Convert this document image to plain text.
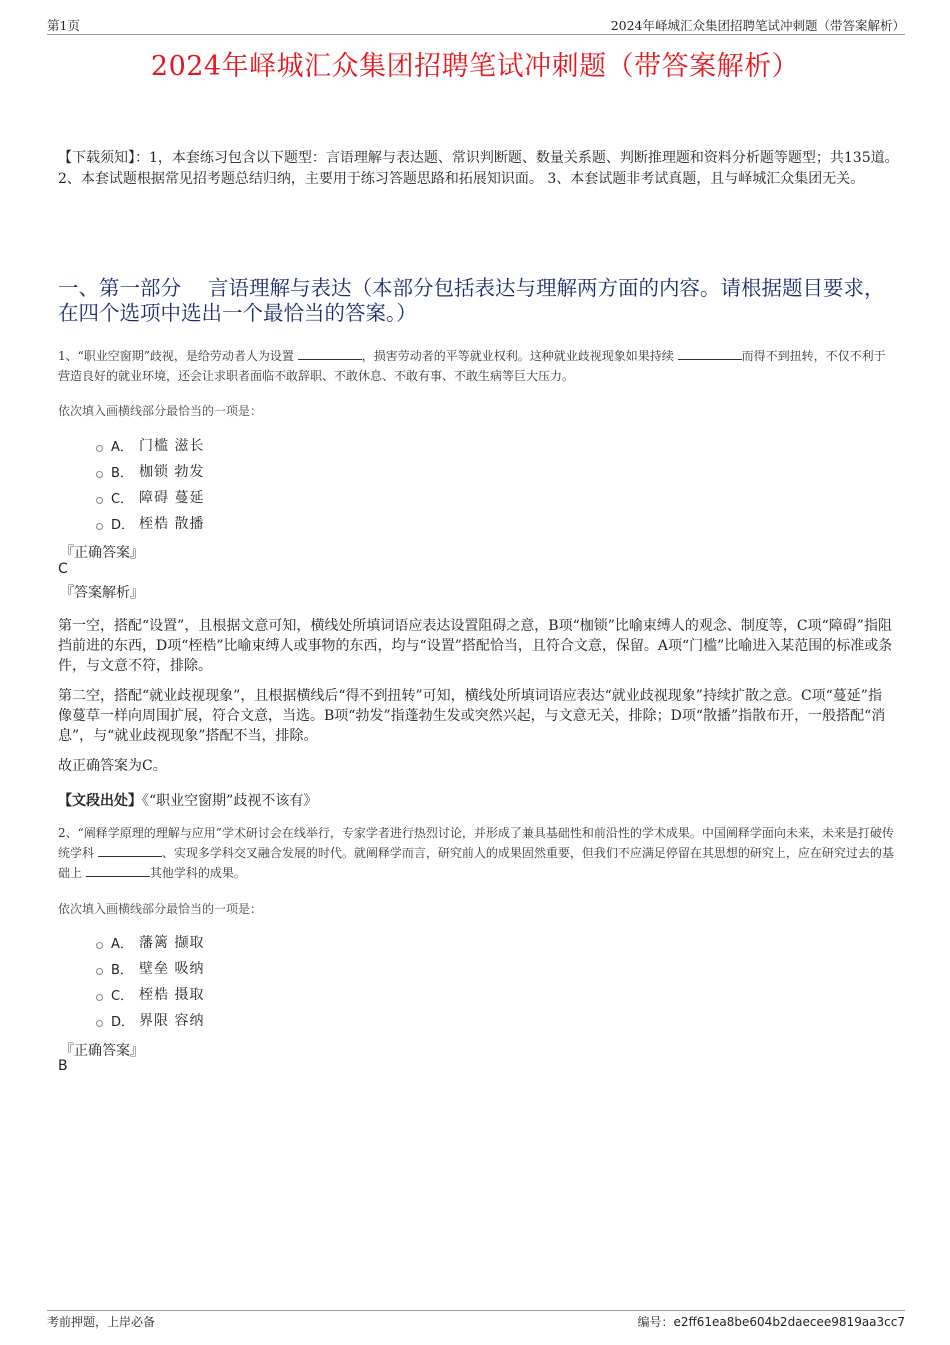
第1页	2024年峄城汇众集团招聘笔试冲刺题（带答案解析）
2024年峄城汇众集团招聘笔试冲刺题（带答案解析）
【下载须知】：1，本套练习包含以下题型：言语理解与表达题、常识判断题、数量关系题、判断推理题和资料分析题等题型；共135道。 2、本套试题根据常见招考题总结归纳，主要用于练习答题思路和拓展知识面。 3、本套试题非考试真题，且与峄城汇众集团无关。
一、第一部分　 言语理解与表达（本部分包括表达与理解两方面的内容。请根据题目要求，在四个选项中选出一个最恰当的答案。）
1、“职业空窗期”歧视，是给劳动者人为设置	，损害劳动者的平等就业权利。这种就业歧视现象如果持续	而得不到扭转，不仅不利于营造良好的就业环境，还会让求职者面临不敢辞职、不敢休息、不敢有事、不敢生病等巨大压力。
依次填入画横线部分最恰当的一项是：
A． 门槛 滋长
B． 枷锁 勃发
C． 障碍 蔓延
D． 桎梏 散播
『正确答案』
C
『答案解析』
第一空，搭配“设置”，且根据文意可知，横线处所填词语应表达设置阻碍之意，B项“枷锁”比喻束缚人的观念、制度等，C项“障碍”指阻挡前进的东西，D项“桎梏”比喻束缚人或事物的东西，均与“设置”搭配恰当，且符合文意，保留。A项“门槛”比喻进入某范围的标准或条件，与文意不符，排除。
第二空，搭配“就业歧视现象”，且根据横线后“得不到扭转”可知，横线处所填词语应表达“就业歧视现象”持续扩散之意。C项“蔓延”指像蔓草一样向周围扩展，符合文意，当选。B项“勃发”指蓬勃生发或突然兴起，与文意无关，排除；D项“散播”指散布开，一般搭配“消息”，与“就业歧视现象”搭配不当，排除。
故正确答案为C。
【文段出处】《“职业空窗期”歧视不该有》
2、“阐释学原理的理解与应用”学术研讨会在线举行，专家学者进行热烈讨论，并形成了兼具基础性和前沿性的学术成果。中国阐释学面向未来，未来是打破传统学科	、实现多学科交叉融合发展的时代。就阐释学而言，研究前人的成果固然重要，但我们不应满足停留在其思想的研究上，应在研究过去的基础上	其他学科的成果。
依次填入画横线部分最恰当的一项是：
A． 藩篱 撷取
B． 壁垒 吸纳
C． 桎梏 摄取
D． 界限 容纳
『正确答案』
B
考前押题，上岸必备	编号：e2ff61ea8be604b2daecee9819aa3cc7
